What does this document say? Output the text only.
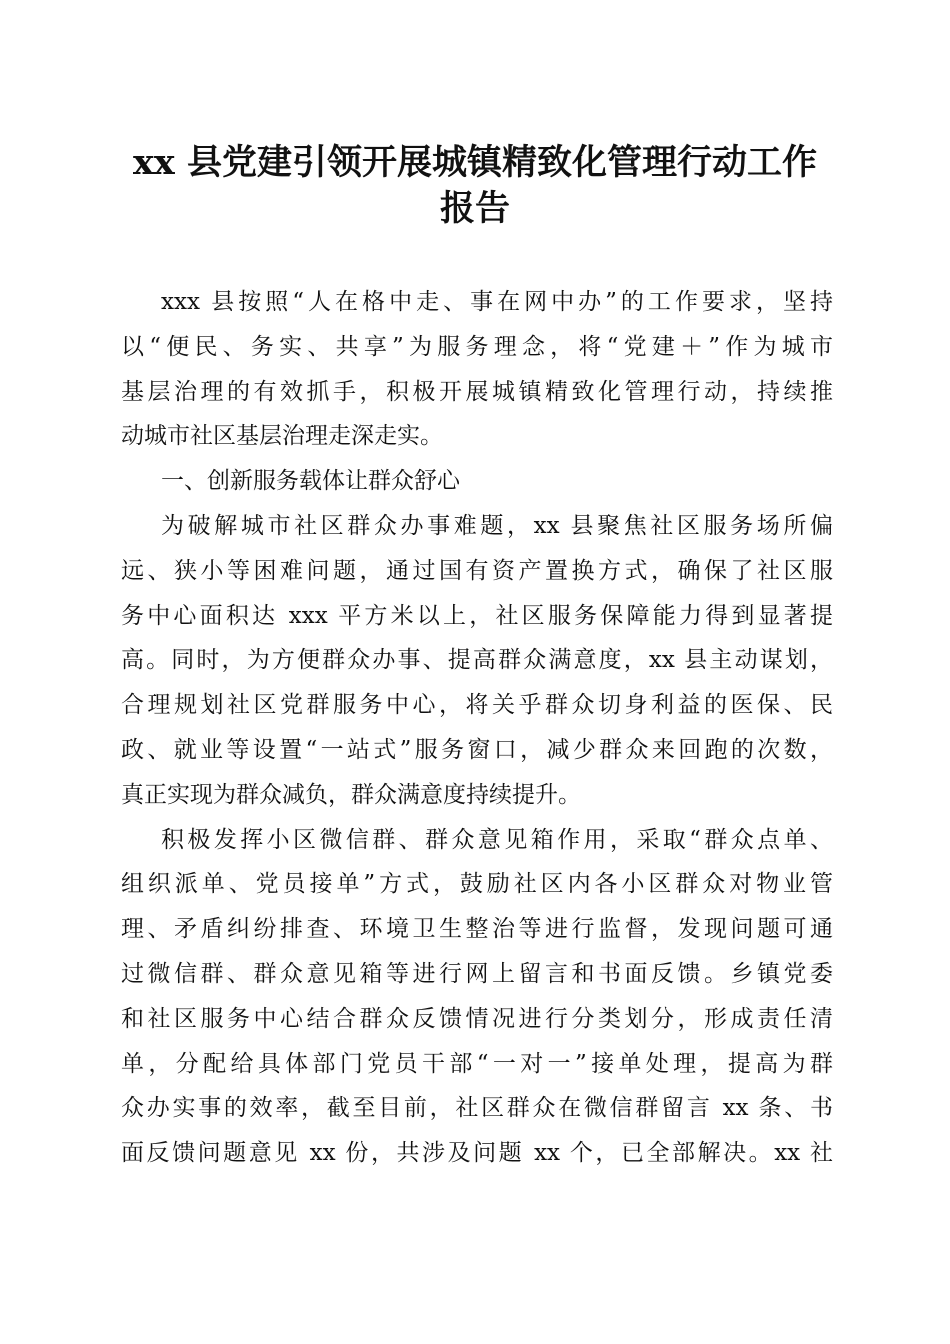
xx 县党建引领开展城镇精致化管理行动工作
报告
xxx 县按照“人在格中走、事在网中办”的工作要求，坚持
以“便民、务实、共享”为服务理念，将“党建＋”作为城市
基层治理的有效抓手，积极开展城镇精致化管理行动，持续推
动城市社区基层治理走深走实。
一、创新服务载体让群众舒心
为破解城市社区群众办事难题，xx 县聚焦社区服务场所偏
远、狭小等困难问题，通过国有资产置换方式，确保了社区服
务中心面积达 xxx 平方米以上，社区服务保障能力得到显著提
高。同时，为方便群众办事、提高群众满意度，xx 县主动谋划，
合理规划社区党群服务中心，将关乎群众切身利益的医保、民
政、就业等设置“一站式”服务窗口，减少群众来回跑的次数，
真正实现为群众减负，群众满意度持续提升。
积极发挥小区微信群、群众意见箱作用，采取“群众点单、
组织派单、党员接单”方式，鼓励社区内各小区群众对物业管
理、矛盾纠纷排查、环境卫生整治等进行监督，发现问题可通
过微信群、群众意见箱等进行网上留言和书面反馈。乡镇党委
和社区服务中心结合群众反馈情况进行分类划分，形成责任清
单，分配给具体部门党员干部“一对一”接单处理，提高为群
众办实事的效率，截至目前，社区群众在微信群留言 xx 条、书
面反馈问题意见 xx 份，共涉及问题 xx 个，已全部解决。xx 社
